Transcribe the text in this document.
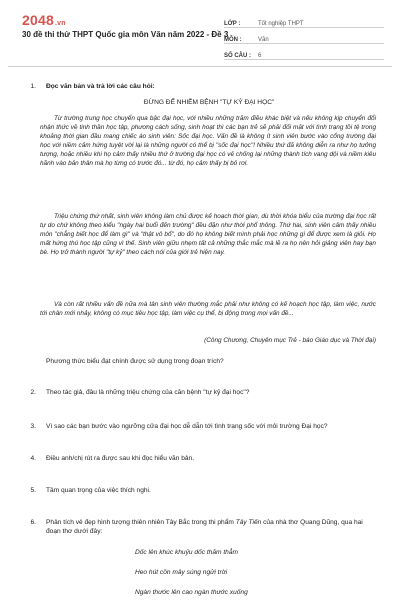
2048.vn
30 đề thi thử THPT Quốc gia môn Văn năm 2022 - Đề 3
LỚP :	Tốt nghiệp THPT
MÔN :	Văn
SỐ CÂU :	6
1. Đọc văn bản và trả lời các câu hỏi:
ĐỪNG ĐỂ NHIỄM BỆNH "TỰ KỶ ĐẠI HỌC"
Từ trường trung học chuyển qua bậc đại học, với nhiều những trăm điều khác biệt và nếu không kịp chuyển đổi nhận thức về tinh thần học tập, phương cách sống, sinh hoạt thì các bạn trẻ sẽ phải đối mặt với tình trạng tồi tệ trong khoảng thời gian đầu mang chiếc áo sinh viên: Sốc đại học. Vấn đề là không ít sinh viên bước vào cổng trường đại học với niềm cảm hứng tuyệt vời lại là những người có thể bị "sốc đại học"! Nhiều thứ đã không diễn ra như họ tưởng tượng, hoặc nhiều khi họ cảm thấy nhiều thứ ở trường đại học có vẻ chống lại những thành tích vang dội và niềm kiêu hãnh vào bản thân mà họ từng có trước đó... từ đó, họ cảm thấy bị bỏ rơi.
Triệu chứng thứ nhất, sinh viên không làm chủ được kế hoạch thời gian, dù thời khóa biểu của trường đại học rất tự do chứ không theo kiểu "ngày hai buổi đến trường" đều đặn như thời phổ thông. Thứ hai, sinh viên cảm thấy nhiều môn "chẳng biết học để làm gì" và "thật vô bổ", do đó họ không biết mình phải học những gì để được xem là giỏi. Họ mất hứng thú học tập cũng vì thế. Sinh viên giữu nhẹm tất cả những thắc mắc mà lẽ ra họ nên hỏi giảng viên hay bạn bè. Họ trở thành người "tự kỷ" theo cách nói của giới trẻ hiện nay.
Và còn rất nhiều vấn đề nữa mà tân sinh viên thường mắc phải như không có kế hoạch học tập, làm việc, nước tới chân mới nhảy, không có mục tiêu học tập, làm việc cụ thể, bị động trong mọi vấn đề...
(Công Chương, Chuyên mục Trẻ - báo Giáo dục và Thời đại)
Phương thức biểu đạt chính được sử dụng trong đoạn trích?
2. Theo tác giả, đâu là những triệu chứng của căn bệnh "tự kỷ đại học"?
3. Vì sao các bạn bước vào ngưỡng cửa đại học dễ dẫn tới tình trạng sốc với môi trường Đại học?
4. Điều anh/chị rút ra được sau khi đọc hiểu văn bản.
5. Tầm quan trọng của việc thích nghi.
6. Phân tích vẻ đẹp hình tượng thiên nhiên Tây Bắc trong thi phẩm Tây Tiến của nhà thơ Quang Dũng, qua hai đoạn thơ dưới đây:
Dốc lên khúc khuỷu dốc thăm thẳm
Heo hút cồn mây súng ngửi trời
Ngàn thước lên cao ngàn thước xuống
